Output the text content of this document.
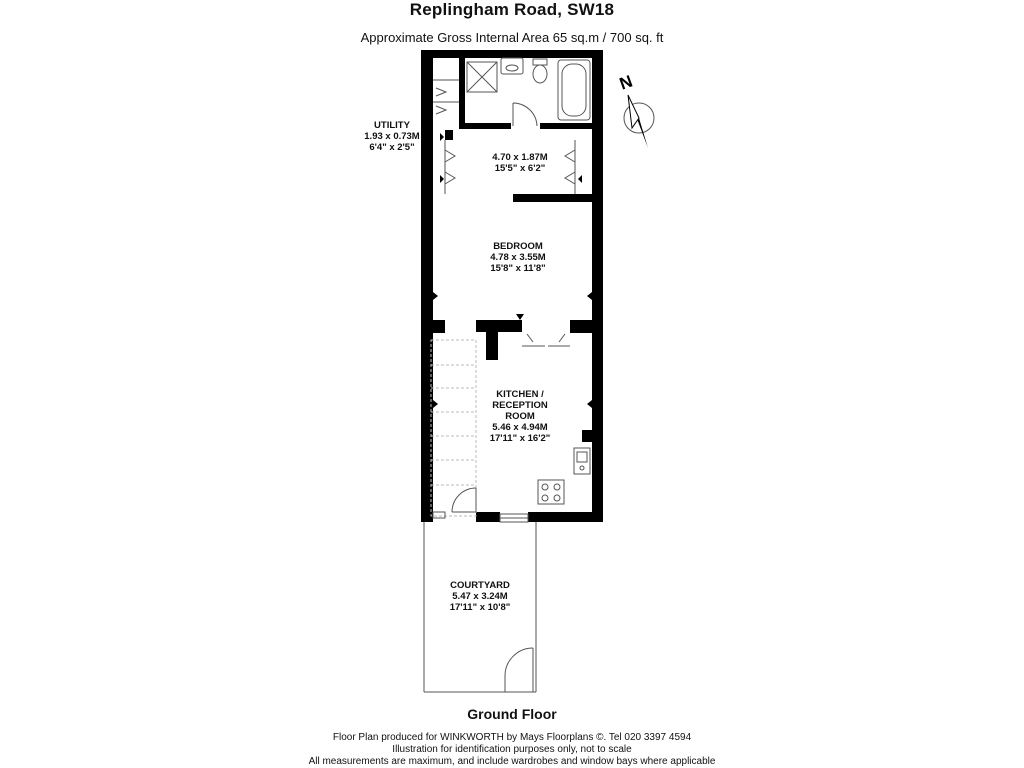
Replingham Road, SW18
Approximate Gross Internal Area 65 sq.m / 700 sq. ft
N
UTILITY
1.93 x 0.73M
6'4" x 2'5"
4.70 x 1.87M
15'5" x 6'2"
BEDROOM
4.78 x 3.55M
15'8" x 11'8"
KITCHEN /
RECEPTION
ROOM
5.46 x 4.94M
17'11" x 16'2"
COURTYARD
5.47 x 3.24M
17'11" x 10'8"
Ground Floor
Floor Plan produced for WINKWORTH by Mays Floorplans ©. Tel 020 3397 4594
Illustration for identification purposes only, not to scale
All measurements are maximum, and include wardrobes and window bays where applicable
